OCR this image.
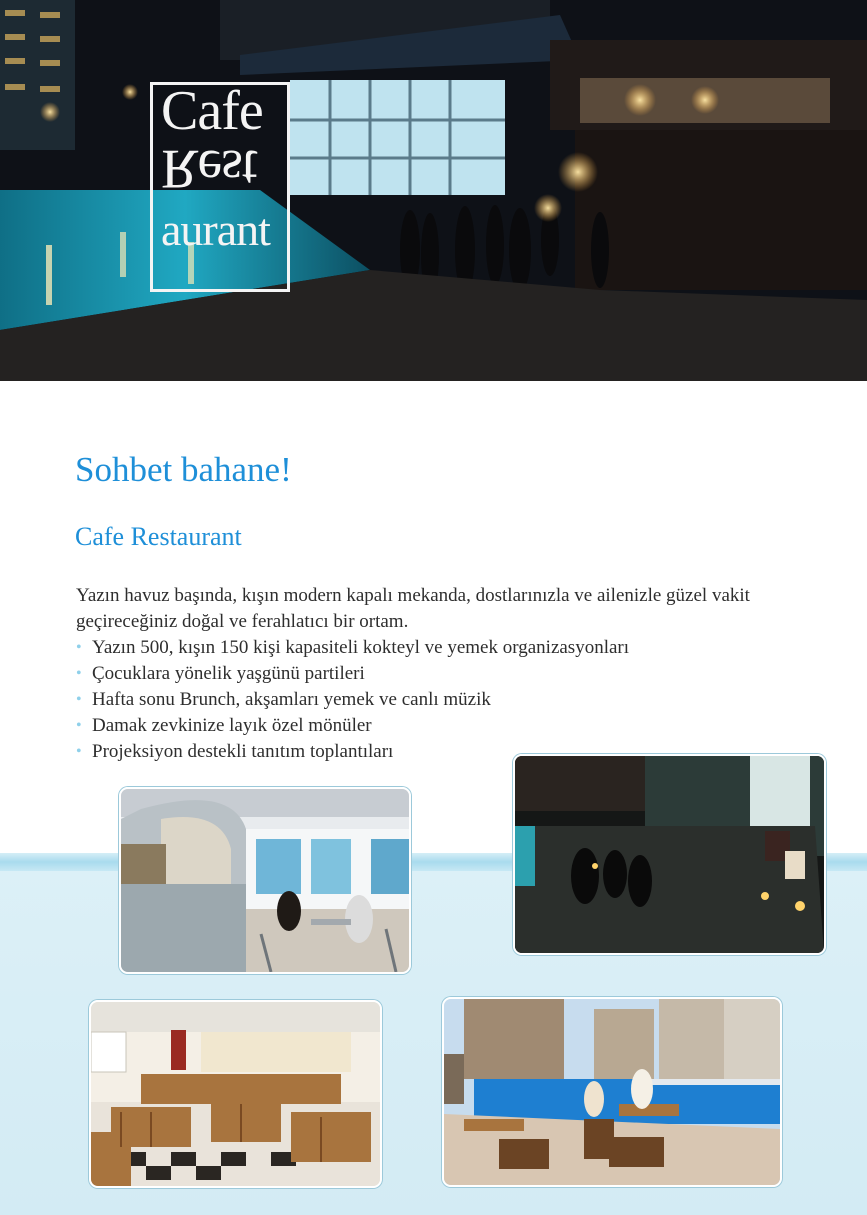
Cafe
Rest
aurant
Sohbet bahane!
Cafe Restaurant

Yazın havuz başında, kışın modern kapalı mekanda, dostlarınızla ve ailenizle güzel vakit geçireceğiniz doğal ve ferahlatıcı bir ortam.

• Yazın 500, kışın 150 kişi kapasiteli kokteyl ve yemek organizasyonları
• Çocuklara yönelik yaşgünü partileri
• Hafta sonu Brunch, akşamları yemek ve canlı müzik
• Damak zevkinize layık özel mönüler
• Projeksiyon destekli tanıtım toplantıları
